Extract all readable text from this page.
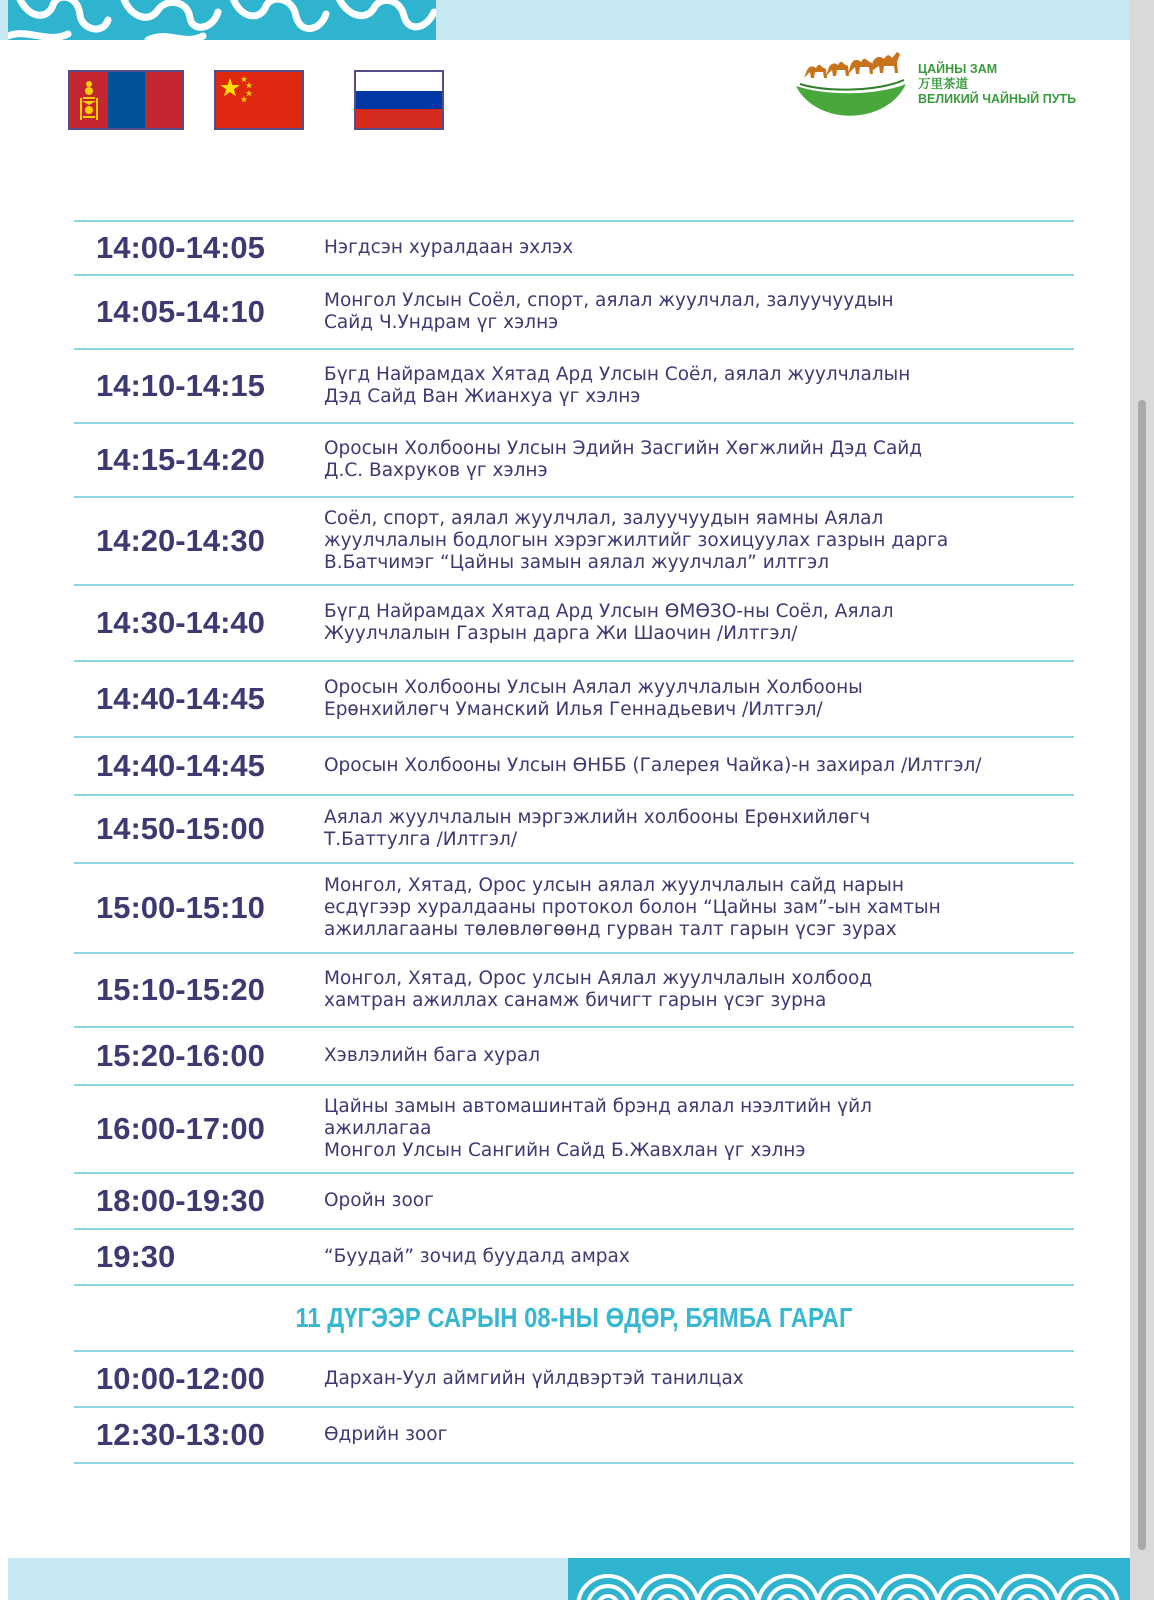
ЦАЙНЫ ЗАМ
万里茶道
ВЕЛИКИЙ ЧАЙНЫЙ ПУТЬ
14:00-14:05	Нэгдсэн хуралдаан эхлэх
14:05-14:10	Монгол Улсын Соёл, спорт, аялал жуулчлал, залуучуудын
Сайд Ч.Ундрам үг хэлнэ
14:10-14:15	Бүгд Найрамдах Хятад Ард Улсын Соёл, аялал жуулчлалын
Дэд Сайд Ван Жианхуа үг хэлнэ
14:15-14:20	Оросын Холбооны Улсын Эдийн Засгийн Хөгжлийн Дэд Сайд
Д.С. Вахруков үг хэлнэ
14:20-14:30
Соёл, спорт, аялал жуулчлал, залуучуудын яамны Аялал
жуулчлалын бодлогын хэрэгжилтийг зохицуулах газрын дарга
В.Батчимэг “Цайны замын аялал жуулчлал” илтгэл
14:30-14:40	Бүгд Найрамдах Хятад Ард Улсын ӨМӨЗО-ны Соёл, Аялал
Жуулчлалын Газрын дарга Жи Шаочин /Илтгэл/
14:40-14:45	Оросын Холбооны Улсын Аялал жуулчлалын Холбооны
Ерөнхийлөгч Уманский Илья Геннадьевич /Илтгэл/
14:40-14:45	Оросын Холбооны Улсын ӨНББ (Галерея Чайка)-н захирал /Илтгэл/
14:50-15:00	Аялал жуулчлалын мэргэжлийн холбооны Ерөнхийлөгч
Т.Баттулга /Илтгэл/
15:00-15:10
Монгол, Хятад, Орос улсын аялал жуулчлалын сайд нарын
есдүгээр хуралдааны протокол болон “Цайны зам”-ын хамтын
ажиллагааны төлөвлөгөөнд гурван талт гарын үсэг зурах
15:10-15:20	Монгол, Хятад, Орос улсын Аялал жуулчлалын холбоод
хамтран ажиллах санамж бичигт гарын үсэг зурна
15:20-16:00	Хэвлэлийн бага хурал
16:00-17:00
Цайны замын автомашинтай брэнд аялал нээлтийн үйл
ажиллагаа
Монгол Улсын Сангийн Сайд Б.Жавхлан үг хэлнэ
18:00-19:30	Оройн зоог
19:30	“Буудай” зочид буудалд амрах
11 ДҮГЭЭР САРЫН 08-НЫ ӨДӨР, БЯМБА ГАРАГ
10:00-12:00	Дархан-Уул аймгийн үйлдвэртэй танилцах
12:30-13:00	Өдрийн зоог
